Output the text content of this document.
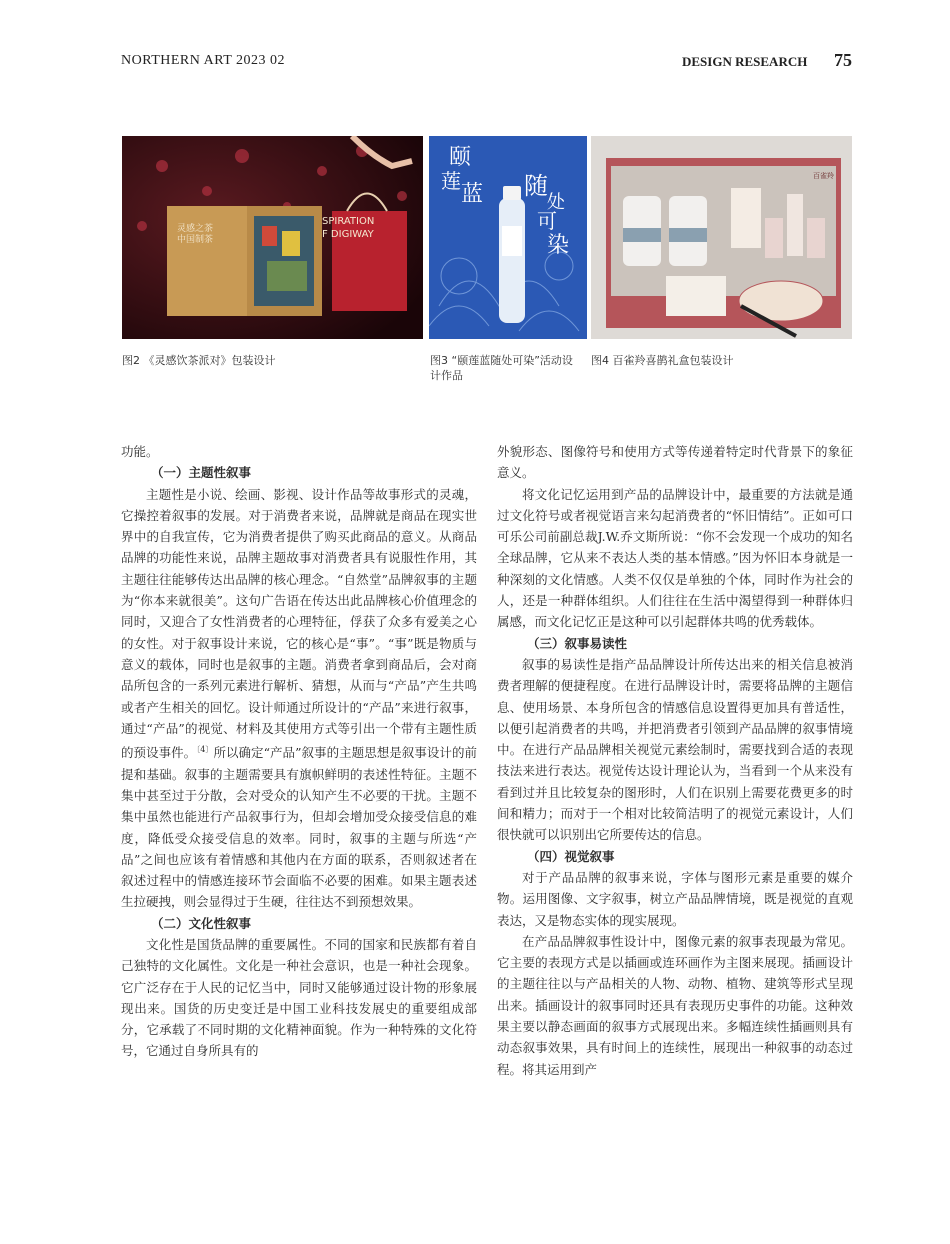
NORTHERN ART 2023 02	DESIGN RESEARCH 75
灵感之茶
中国制茶
SPIRATION
F DIGIWAY
颐
莲
蓝 随
处
可
染
百雀羚
图2 《灵感饮茶派对》包装设计	图3 “颐莲蓝随处可染”活动设计作品
图4 百雀羚喜鹊礼盒包装设计

功能。

（一）主题性叙事

主题性是小说、绘画、影视、设计作品等故事形式的灵魂，它操控着叙事的发展。对于消费者来说，品牌就是商品在现实世界中的自我宣传，它为消费者提供了购买此商品的意义。从商品品牌的功能性来说，品牌主题故事对消费者具有说服性作用，其主题往往能够传达出品牌的核心理念。“自然堂”品牌叙事的主题为“你本来就很美”。这句广告语在传达出此品牌核心价值理念的同时，又迎合了女性消费者的心理特征，俘获了众多有爱美之心的女性。对于叙事设计来说，它的核心是“事”。“事”既是物质与意义的载体，同时也是叙事的主题。消费者拿到商品后，会对商品所包含的一系列元素进行解析、猜想，从而与“产品”产生共鸣或者产生相关的回忆。设计师通过所设计的“产品”来进行叙事，通过“产品”的视觉、材料及其使用方式等引出一个带有主题性质的预设事件。$^{〔4〕}$所以确定“产品”叙事的主题思想是叙事设计的前提和基础。叙事的主题需要具有旗帜鲜明的表述性特征。主题不集中甚至过于分散，会对受众的认知产生不必要的干扰。主题不集中虽然也能进行产品叙事行为，但却会增加受众接受信息的难度，降低受众接受信息的效率。同时，叙事的主题与所选“产品”之间也应该有着情感和其他内在方面的联系，否则叙述者在叙述过程中的情感连接环节会面临不必要的困难。如果主题表述生拉硬拽，则会显得过于生硬，往往达不到预想效果。

（二）文化性叙事

文化性是国货品牌的重要属性。不同的国家和民族都有着自己独特的文化属性。文化是一种社会意识，也是一种社会现象。它广泛存在于人民的记忆当中，同时又能够通过设计物的形象展现出来。国货的历史变迁是中国工业科技发展史的重要组成部分，它承载了不同时期的文化精神面貌。作为一种特殊的文化符号，它通过自身所具有的

外貌形态、图像符号和使用方式等传递着特定时代背景下的象征意义。

将文化记忆运用到产品的品牌设计中，最重要的方法就是通过文化符号或者视觉语言来勾起消费者的“怀旧情结”。正如可口可乐公司前副总裁J.W.乔文斯所说：“你不会发现一个成功的知名全球品牌，它从来不表达人类的基本情感。”因为怀旧本身就是一种深刻的文化情感。人类不仅仅是单独的个体，同时作为社会的人，还是一种群体组织。人们往往在生活中渴望得到一种群体归属感，而文化记忆正是这种可以引起群体共鸣的优秀载体。

（三）叙事易读性

叙事的易读性是指产品品牌设计所传达出来的相关信息被消费者理解的便捷程度。在进行品牌设计时，需要将品牌的主题信息、使用场景、本身所包含的情感信息设置得更加具有普适性，以便引起消费者的共鸣，并把消费者引领到产品品牌的叙事情境中。在进行产品品牌相关视觉元素绘制时，需要找到合适的表现技法来进行表达。视觉传达设计理论认为，当看到一个从来没有看到过并且比较复杂的图形时，人们在识别上需要花费更多的时间和精力；而对于一个相对比较简洁明了的视觉元素设计，人们很快就可以识别出它所要传达的信息。

（四）视觉叙事

对于产品品牌的叙事来说，字体与图形元素是重要的媒介物。运用图像、文字叙事，树立产品品牌情境，既是视觉的直观表达，又是物态实体的现实展现。

在产品品牌叙事性设计中，图像元素的叙事表现最为常见。它主要的表现方式是以插画或连环画作为主图来展现。插画设计的主题往往以与产品相关的人物、动物、植物、建筑等形式呈现出来。插画设计的叙事同时还具有表现历史事件的功能。这种效果主要以静态画面的叙事方式展现出来。多幅连续性插画则具有动态叙事效果，具有时间上的连续性，展现出一种叙事的动态过程。将其运用到产
